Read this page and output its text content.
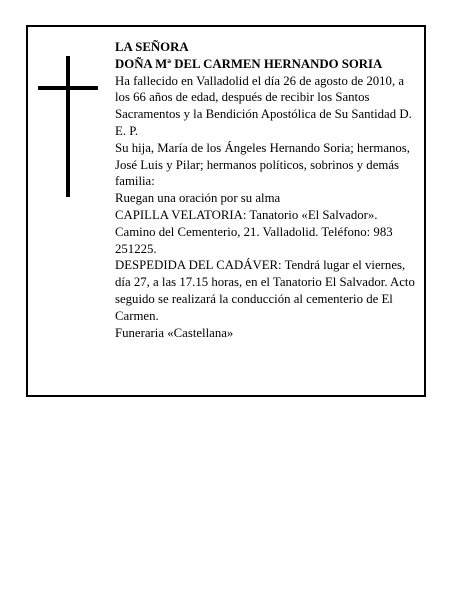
LA SEÑORA

DOÑA Mª DEL CARMEN HERNANDO SORIA

Ha fallecido en Valladolid el día 26 de agosto de 2010, a los 66 años de edad, después de recibir los Santos Sacramentos y la Bendición Apostólica de Su Santidad D. E. P.

Su hija, María de los Ángeles Hernando Soria; hermanos, José Luis y Pilar; hermanos políticos, sobrinos y demás familia:

Ruegan una oración por su alma

CAPILLA VELATORIA: Tanatorio «El Salvador». Camino del Cementerio, 21. Valladolid. Teléfono: 983 251225.

DESPEDIDA DEL CADÁVER: Tendrá lugar el viernes, día 27, a las 17.15 horas, en el Tanatorio El Salvador. Acto seguido se realizará la conducción al cementerio de El Carmen.

Funeraria «Castellana»
